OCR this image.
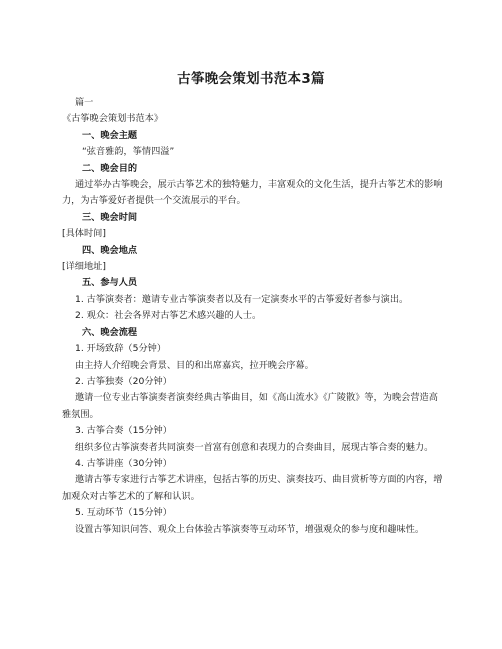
古筝晚会策划书范本3篇

篇一

《古筝晚会策划书范本》

一、晚会主题

“弦音雅韵，筝情四溢”

二、晚会目的

通过举办古筝晚会，展示古筝艺术的独特魅力，丰富观众的文化生活，提升古筝艺术的影响力，为古筝爱好者提供一个交流展示的平台。

三、晚会时间

[具体时间]

四、晚会地点

[详细地址]

五、参与人员

1. 古筝演奏者：邀请专业古筝演奏者以及有一定演奏水平的古筝爱好者参与演出。

2. 观众：社会各界对古筝艺术感兴趣的人士。

六、晚会流程

1. 开场致辞（5分钟）

由主持人介绍晚会背景、目的和出席嘉宾，拉开晚会序幕。

2. 古筝独奏（20分钟）

邀请一位专业古筝演奏者演奏经典古筝曲目，如《高山流水》《广陵散》等，为晚会营造高雅氛围。

3. 古筝合奏（15分钟）

组织多位古筝演奏者共同演奏一首富有创意和表现力的合奏曲目，展现古筝合奏的魅力。

4. 古筝讲座（30分钟）

邀请古筝专家进行古筝艺术讲座，包括古筝的历史、演奏技巧、曲目赏析等方面的内容，增加观众对古筝艺术的了解和认识。

5. 互动环节（15分钟）

设置古筝知识问答、观众上台体验古筝演奏等互动环节，增强观众的参与度和趣味性。
